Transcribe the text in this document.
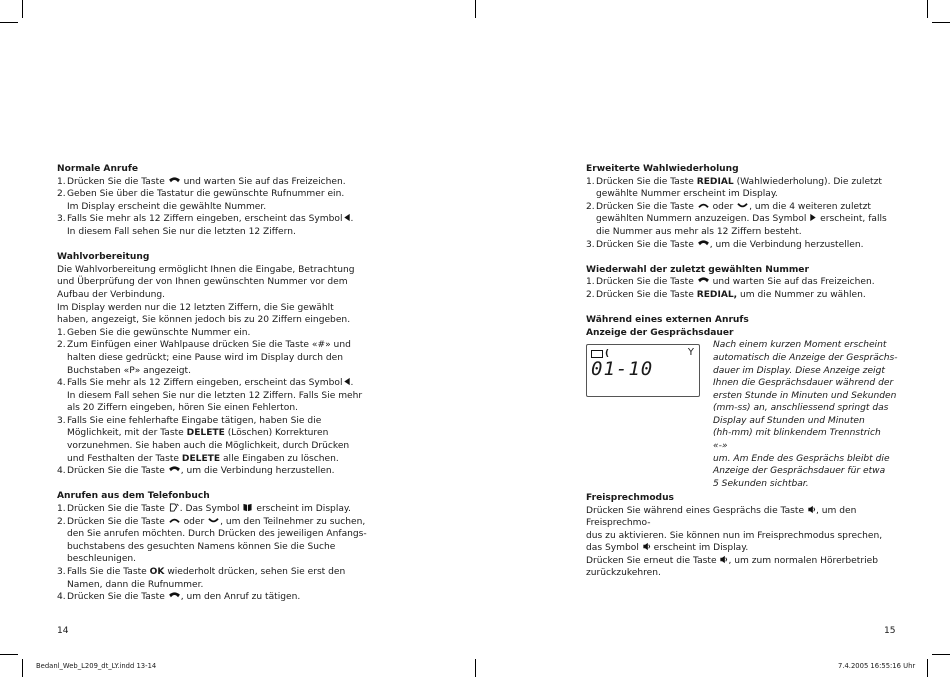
Normale Anrufe
1. Drücken Sie die Taste
und warten Sie auf das Freizeichen.
2. Geben Sie über die Tastatur die gewünschte Rufnummer ein.
Im Display erscheint die gewählte Nummer.
3. Falls Sie mehr als 12 Ziffern eingeben, erscheint das Symbol .
In diesem Fall sehen Sie nur die letzten 12 Ziffern.
Wahlvorbereitung

Die Wahlvorbereitung ermöglicht Ihnen die Eingabe, Betrachtung und Überprüfung der von Ihnen gewünschten Nummer vor dem Aufbau der Verbindung.

Im Display werden nur die 12 letzten Ziffern, die Sie gewählt haben, angezeigt, Sie können jedoch bis zu 20 Ziffern eingeben.

1. Geben Sie die gewünschte Nummer ein.
2. Zum Einfügen einer Wahlpause drücken Sie die Taste «#» und halten diese gedrückt; eine Pause wird im Display durch den Buchstaben «P» angezeigt.
4. Falls Sie mehr als 12 Ziffern eingeben, erscheint das Symbol .
In diesem Fall sehen Sie nur die letzten 12 Ziffern. Falls Sie mehr als 20 Ziffern eingeben, hören Sie einen Fehlerton.
3. Falls Sie eine fehlerhafte Eingabe tätigen, haben Sie die Möglichkeit, mit der Taste DELETE (Löschen) Korrekturen vorzunehmen. Sie haben auch die Möglichkeit, durch Drücken und Festhalten der Taste DELETE alle Eingaben zu löschen.
4. Drücken Sie die Taste
, um die Verbindung herzustellen.
Anrufen aus dem Telefonbuch
1. Drücken Sie die Taste
. Das Symbol
erscheint im Display.
2. Drücken Sie die Taste
oder
, um den Teilnehmer zu suchen, den Sie anrufen möchten. Durch Drücken des jeweiligen Anfangsbuchstabens des gesuchten Namens können Sie die Suche beschleunigen.
3. Falls Sie die Taste OK wiederholt drücken, sehen Sie erst den Namen, dann die Rufnummer.
4. Drücken Sie die Taste
, um den Anruf zu tätigen.
14
Erweiterte Wahlwiederholung
1. Drücken Sie die Taste REDIAL (Wahlwiederholung). Die zuletzt gewählte Nummer erscheint im Display.
2. Drücken Sie die Taste
oder
, um die 4 weiteren zuletzt gewählten Nummern anzuzeigen. Das Symbol
erscheint, falls die Nummer aus mehr als 12 Ziffern besteht.
3. Drücken Sie die Taste
, um die Verbindung herzustellen.
Wiederwahl der zuletzt gewählten Nummer
1. Drücken Sie die Taste
und warten Sie auf das Freizeichen.
2. Drücken Sie die Taste REDIAL, um die Nummer zu wählen.
Während eines externen Anrufs
Anzeige der Gesprächsdauer
(	Y
01-10
Nach einem kurzen Moment erscheint
automatisch die Anzeige der Gesprächs-
dauer im Display. Diese Anzeige zeigt
Ihnen die Gesprächsdauer während der
ersten Stunde in Minuten und Sekunden
(mm-ss) an, anschliessend springt das
Display auf Stunden und Minuten
(hh-mm) mit blinkendem Trennstrich «-»
um. Am Ende des Gesprächs bleibt die
Anzeige der Gesprächsdauer für etwa
5 Sekunden sichtbar.
Freisprechmodus

Drücken Sie während eines Gesprächs die Taste
, um den Freisprechmo-
dus zu aktivieren. Sie können nun im Freisprechmodus sprechen, das Symbol
erscheint im Display.

Drücken Sie erneut die Taste
, um zum normalen Hörerbetrieb zurückzukehren.

15
Bedanl_Web_L209_dt_LY.indd 13-14	7.4.2005 16:55:16 Uhr
